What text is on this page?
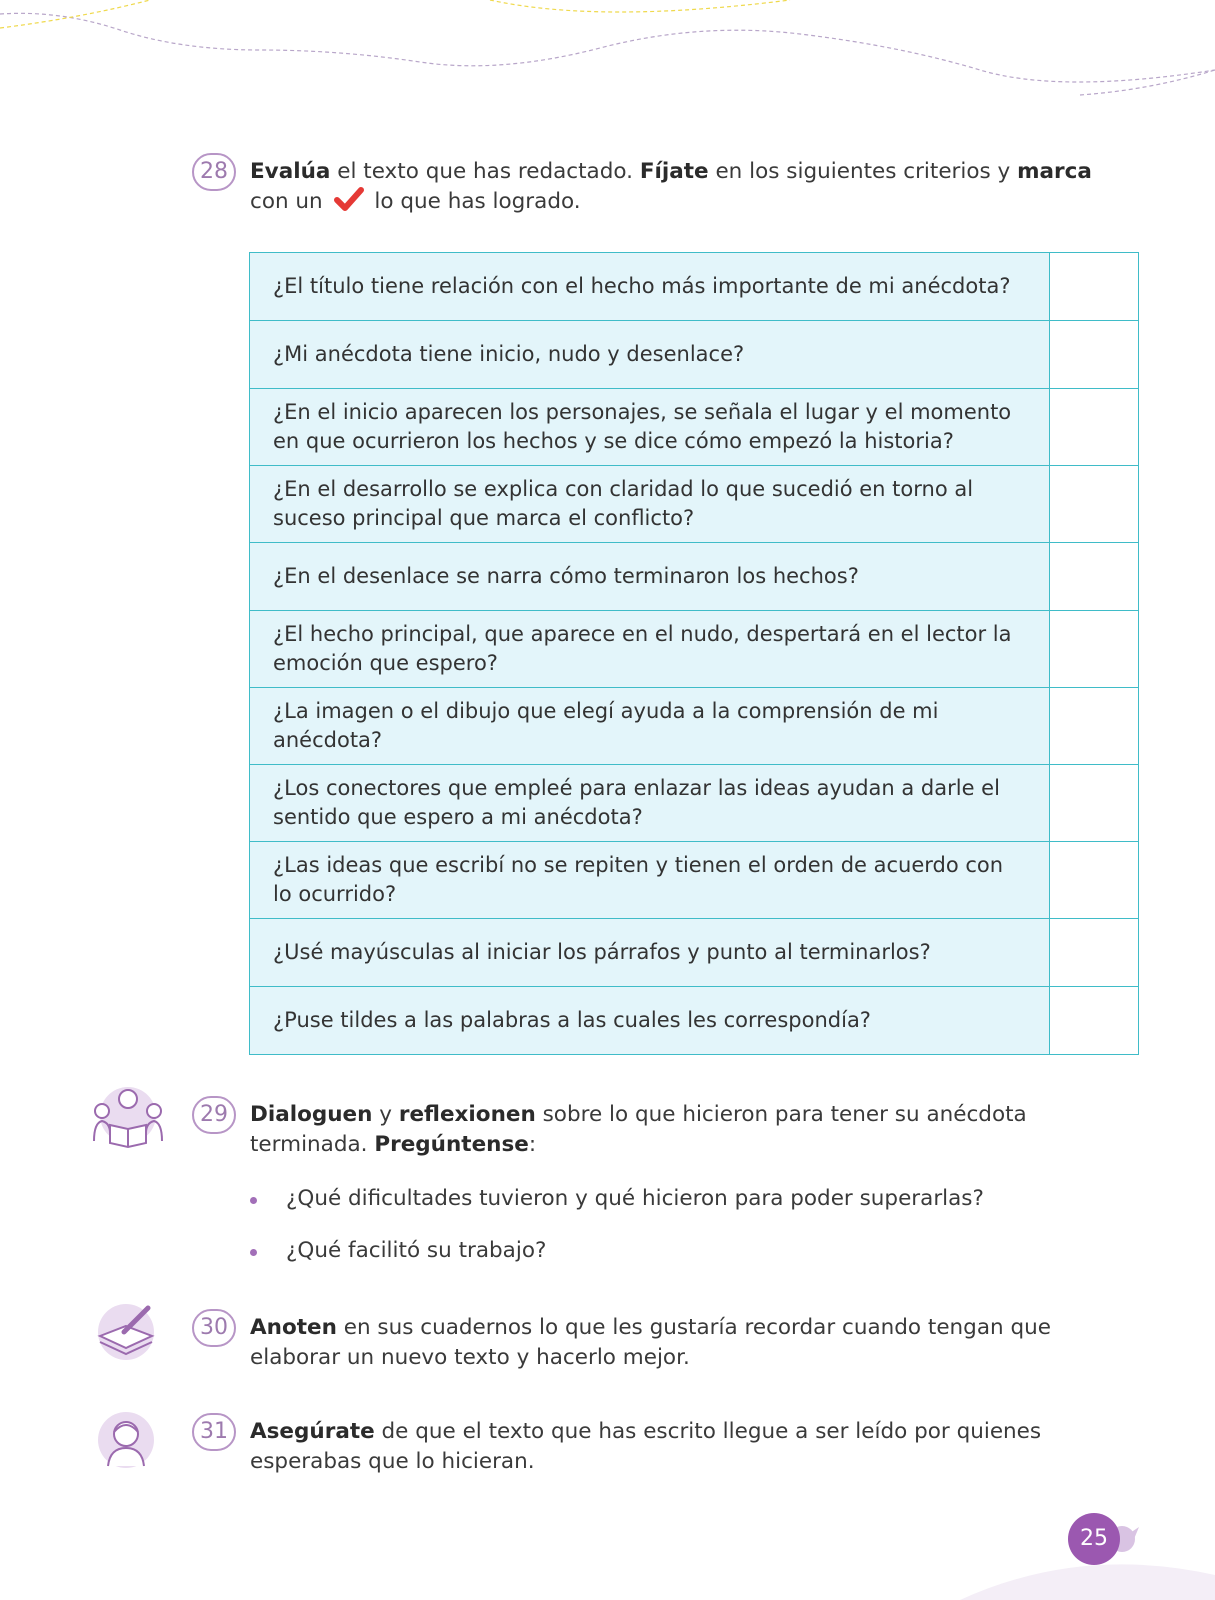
28	Evalúa el texto que has redactado. Fíjate en los siguientes criterios y marca
con un lo que has logrado.
¿El título tiene relación con el hecho más importante de mi anécdota?	

¿Mi anécdota tiene inicio, nudo y desenlace?	

¿En el inicio aparecen los personajes, se señala el lugar y el momento
en que ocurrieron los hechos y se dice cómo empezó la historia?	

¿En el desarrollo se explica con claridad lo que sucedió en torno al
suceso principal que marca el conflicto?	

¿En el desenlace se narra cómo terminaron los hechos?	

¿El hecho principal, que aparece en el nudo, despertará en el lector la
emoción que espero?	

¿La imagen o el dibujo que elegí ayuda a la comprensión de mi
anécdota?	

¿Los conectores que empleé para enlazar las ideas ayudan a darle el
sentido que espero a mi anécdota?	

¿Las ideas que escribí no se repiten y tienen el orden de acuerdo con
lo ocurrido?	

¿Usé mayúsculas al iniciar los párrafos y punto al terminarlos?	

¿Puse tildes a las palabras a las cuales les correspondía?	

29	Dialoguen y reflexionen sobre lo que hicieron para tener su anécdota
terminada. Pregúntense:
¿Qué dificultades tuvieron y qué hicieron para poder superarlas?
¿Qué facilitó su trabajo?
30	Anoten en sus cuadernos lo que les gustaría recordar cuando tengan que
elaborar un nuevo texto y hacerlo mejor.
31	Asegúrate de que el texto que has escrito llegue a ser leído por quienes
esperabas que lo hicieran.
25
